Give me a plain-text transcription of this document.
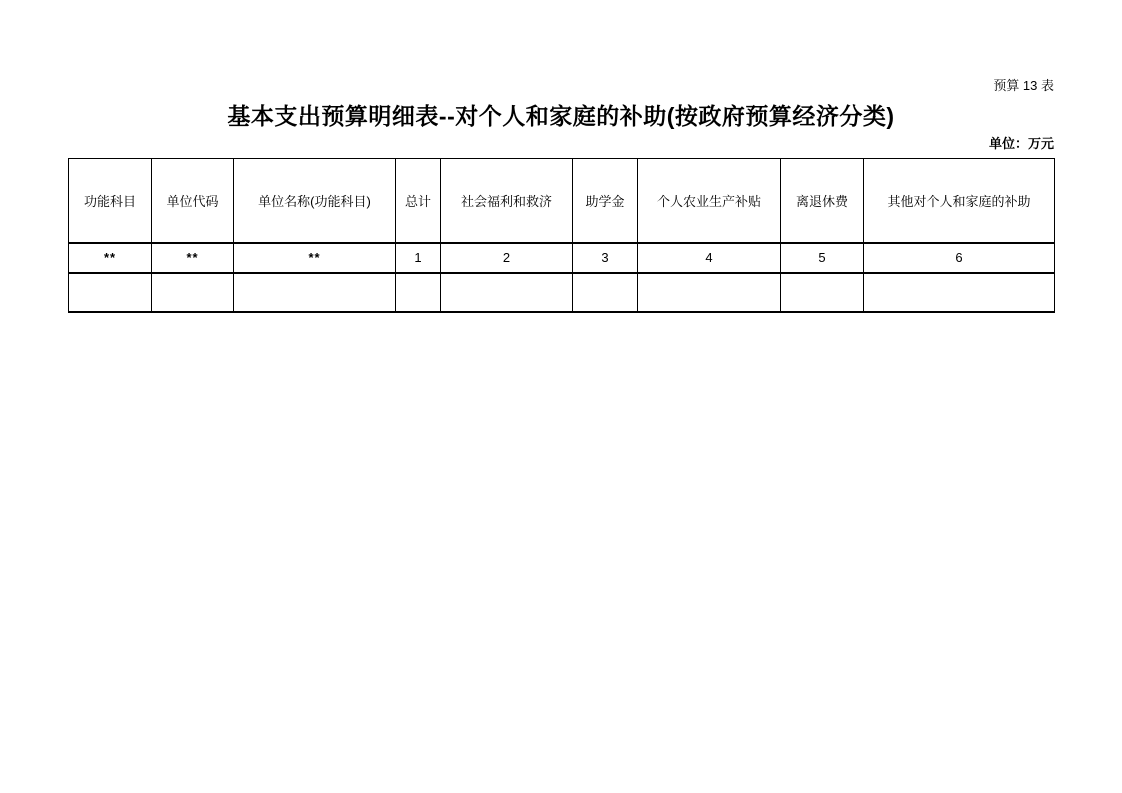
预算 13 表
基本支出预算明细表--对个人和家庭的补助(按政府预算经济分类)
单位：万元
功能科目	单位代码	单位名称(功能科目)	总计	社会福利和救济	助学金	个人农业生产补贴	离退休费	其他对个人和家庭的补助
**	**	**	1	2	3	4	5	6
